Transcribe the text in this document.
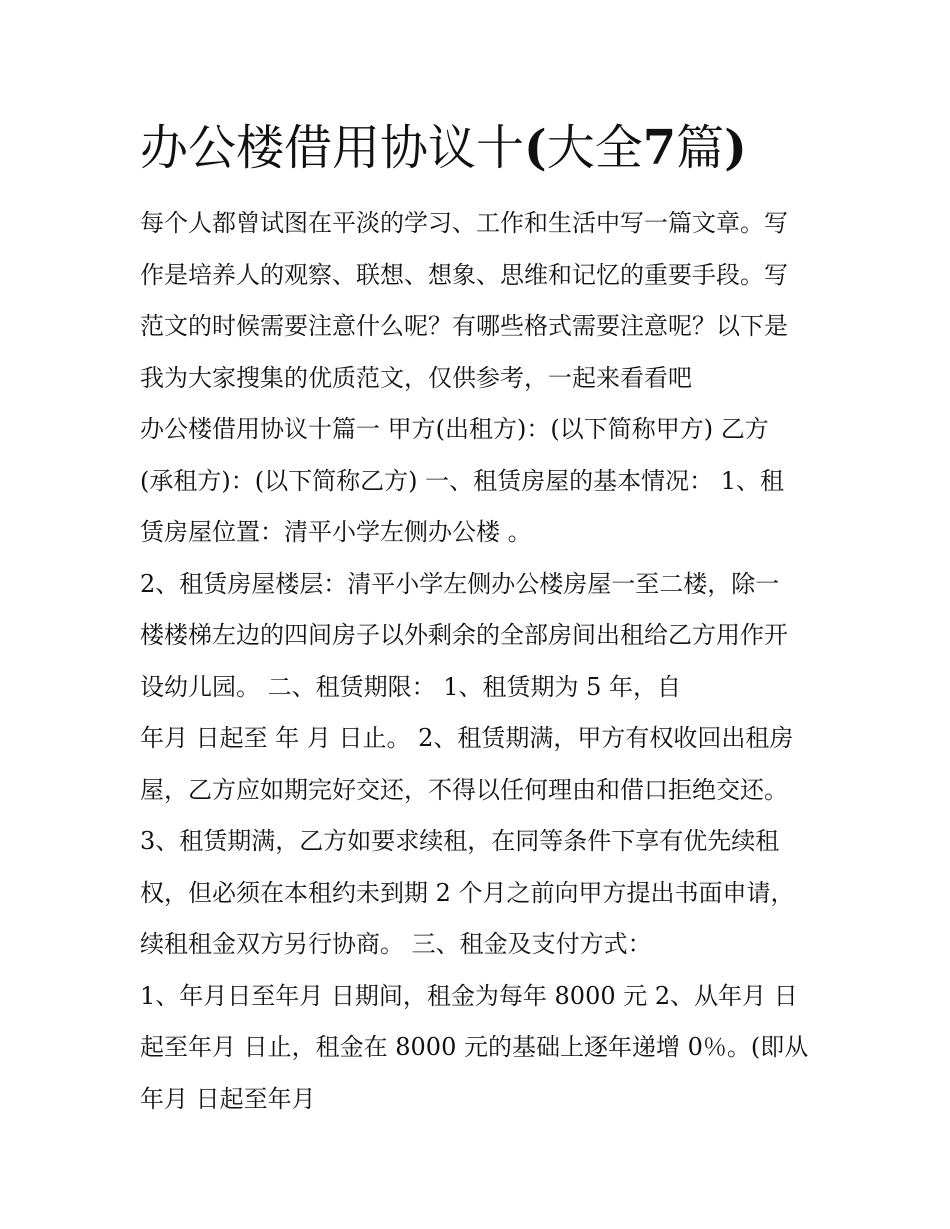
办公楼借用协议十(大全7篇)
每个人都曾试图在平淡的学习、工作和生活中写一篇文章。写
作是培养人的观察、联想、想象、思维和记忆的重要手段。写
范文的时候需要注意什么呢？有哪些格式需要注意呢？以下是
我为大家搜集的优质范文，仅供参考，一起来看看吧
办公楼借用协议十篇一 甲方(出租方)：(以下简称甲方) 乙方
(承租方)：(以下简称乙方) 一、租赁房屋的基本情况： 1、租
赁房屋位置：清平小学左侧办公楼 。
2、租赁房屋楼层：清平小学左侧办公楼房屋一至二楼，除一
楼楼梯左边的四间房子以外剩余的全部房间出租给乙方用作开
设幼儿园。 二、租赁期限： 1、租赁期为 5 年，自
年月 日起至 年 月 日止。 2、租赁期满，甲方有权收回出租房
屋，乙方应如期完好交还，不得以任何理由和借口拒绝交还。
3、租赁期满，乙方如要求续租，在同等条件下享有优先续租
权，但必须在本租约未到期 2 个月之前向甲方提出书面申请，
续租租金双方另行协商。 三、租金及支付方式：
1、年月日至年月 日期间，租金为每年 8000 元 2、从年月 日
起至年月 日止，租金在 8000 元的基础上逐年递增 0％。(即从
年月 日起至年月
